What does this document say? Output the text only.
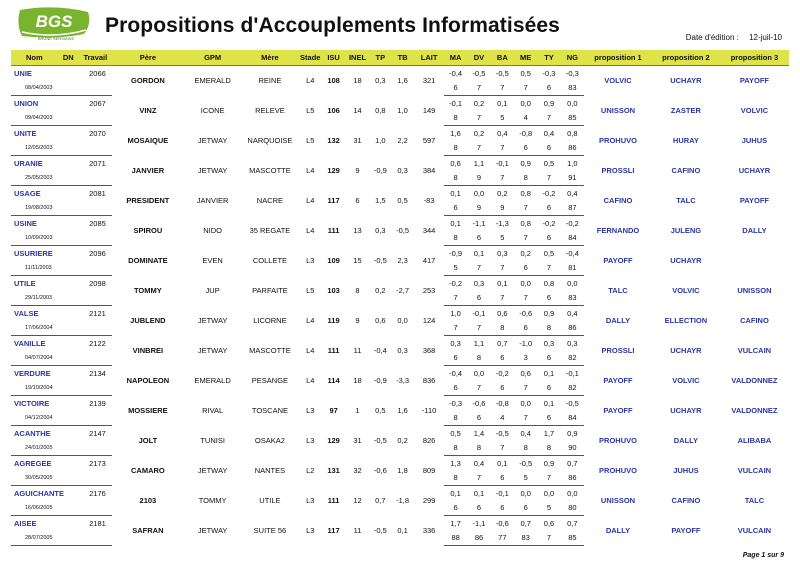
BGS
BRUNE SERSIAISE
Propositions d'Accouplements Informatisées
Date d'édition : 12-juil-10
Nom	DN	Travail	Père	GPM	Mère	Stade	ISU	INEL	TP	TB	LAIT	MA	DV	BA	ME	TY	NG	proposition 1	proposition 2	proposition 3
UNIE		2066	GORDON	EMERALD	REINE	L4	108	18	0,3	1,6	321	-0,4	-0,5	-0,5	0,5	-0,3	-0,3	VOLVIC	UCHAYR	PAYOFF
08/04/2003												6	7	7	7	6	83			
UNION		2067	VINZ	ICONE	RELEVE	L5	106	14	0,8	1,0	149	-0,1	0,2	0,1	0,0	0,9	0,0	UNISSON	ZASTER	VOLVIC
09/04/2003												8	7	5	4	7	85			
UNITE		2070	MOSAIQUE	JETWAY	NARQUOISE	L5	132	31	1,0	2,2	597	1,6	0,2	0,4	-0,8	0,4	0,8	PROHUVO	HURAY	JUHUS
12/05/2003												8	7	7	6	6	86			
URANIE		2071	JANVIER	JETWAY	MASCOTTE	L4	129	9	-0,9	0,3	384	0,6	1,1	-0,1	0,9	0,5	1,0	PROSSLI	CAFINO	UCHAYR
25/05/2003												8	9	7	8	7	91			
USAGE		2081	PRESIDENT	JANVIER	NACRE	L4	117	6	1,5	0,5	-83	0,1	0,0	0,2	0,8	-0,2	0,4	CAFINO	TALC	PAYOFF
19/08/2003												6	9	9	7	6	87			
USINE		2085	SPIROU	NIDO	35 REGATE	L4	111	13	0,3	-0,5	344	0,1	-1,1	-1,3	0,8	-0,2	-0,2	FERNANDO	JULENG	DALLY
10/09/2003												8	6	5	7	6	84			
USURIERE		2096	DOMINATE	EVEN	COLLETE	L3	109	15	-0,5	2,3	417	-0,9	0,1	0,3	0,2	0,5	-0,4	PAYOFF	UCHAYR	
11/11/2003												5	7	7	6	7	81			
UTILE		2098	TOMMY	JUP	PARFAITE	L5	103	8	0,2	-2,7	253	-0,2	0,3	0,1	0,0	0,8	0,0	TALC	VOLVIC	UNISSON
29/11/2003												7	6	7	7	6	83			
VALSE		2121	JUBLEND	JETWAY	LICORNE	L4	119	9	0,6	0,0	124	1,0	-0,1	0,6	-0,6	0,9	0,4	DALLY	ELLECTION	CAFINO
17/06/2004												7	7	8	6	8	86			
VANILLE		2122	VINBREI	JETWAY	MASCOTTE	L4	111	11	-0,4	0,3	368	0,3	1,1	0,7	-1,0	0,3	0,3	PROSSLI	UCHAYR	VULCAIN
04/07/2004												6	8	6	3	6	82			
VERDURE		2134	NAPOLEON	EMERALD	PESANGE	L4	114	18	-0,9	-3,3	836	-0,4	0,0	-0,2	0,6	0,1	-0,1	PAYOFF	VOLVIC	VALDONNEZ
19/10/2004												6	7	6	7	6	82			
VICTOIRE		2139	MOSSIERE	RIVAL	TOSCANE	L3	97	1	0,5	1,6	-110	-0,3	-0,6	-0,8	0,0	0,1	-0,5	PAYOFF	UCHAYR	VALDONNEZ
04/12/2004												8	6	4	7	6	84			
ACANTHE		2147	JOLT	TUNISI	OSAKA2	L3	129	31	-0,5	0,2	826	0,5	1,4	-0,5	0,4	1,7	0,9	PROHUVO	DALLY	ALIBABA
24/01/2005												8	8	7	8	8	90			
AGREGEE		2173	CAMARO	JETWAY	NANTES	L2	131	32	-0,6	1,8	809	1,3	0,4	0,1	-0,5	0,9	0,7	PROHUVO	JUHUS	VULCAIN
30/05/2005												8	7	6	5	7	86			
AGUICHANTE		2176	2103	TOMMY	UTILE	L3	111	12	0,7	-1,8	299	0,1	0,1	-0,1	0,0	0,0	0,0	UNISSON	CAFINO	TALC
16/06/2005												6	6	6	6	5	80			
AISEE		2181	SAFRAN	JETWAY	SUITE 56	L3	117	11	-0,5	0,1	336	1,7	-1,1	-0,6	0,7	0,6	0,7	DALLY	PAYOFF	VULCAIN
28/07/2005												88	86	77	83	7	85			
Page 1 sur 9
